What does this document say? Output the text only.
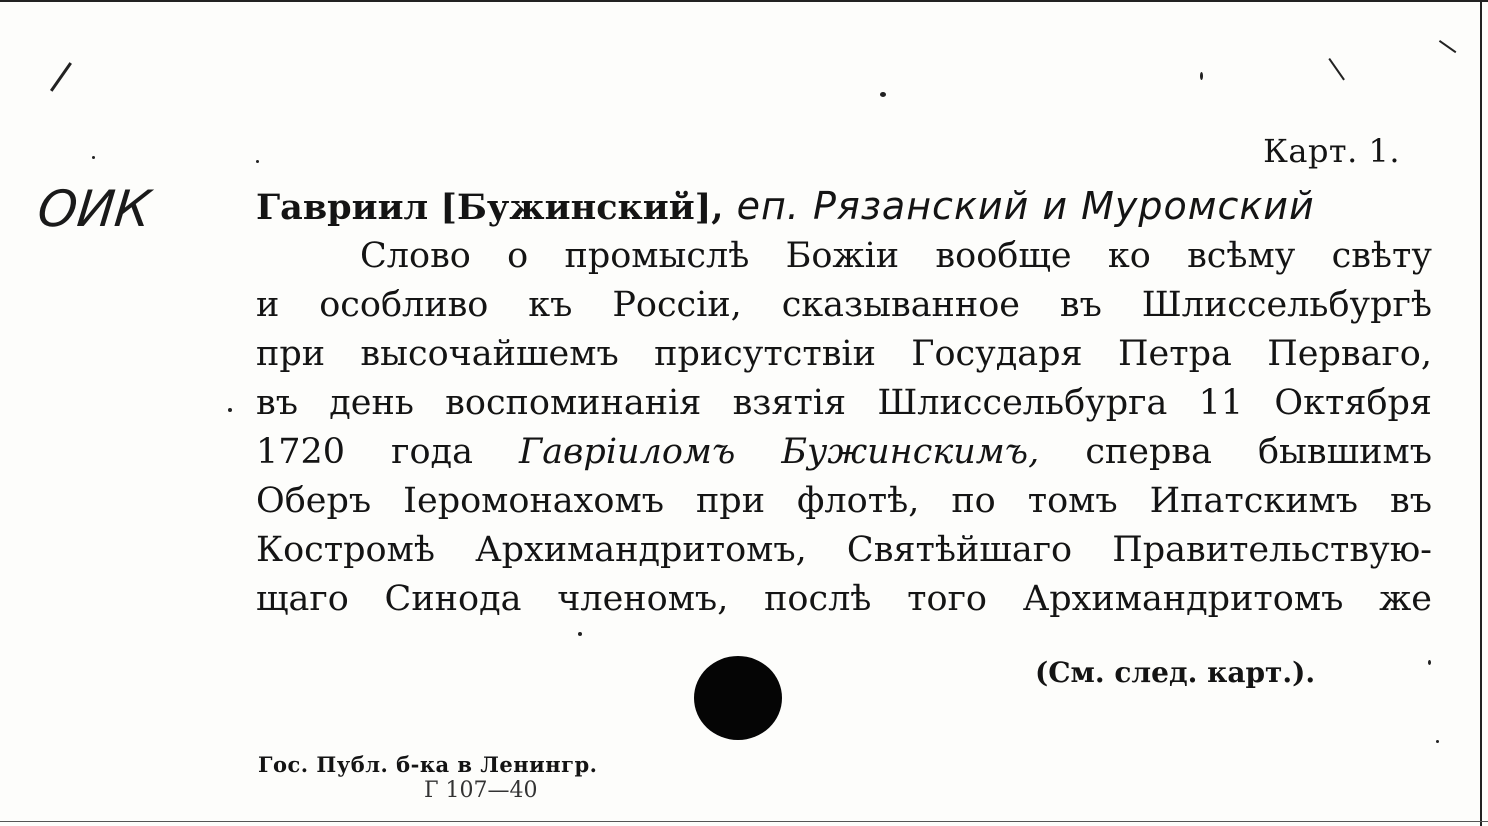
Карт. 1.
ОИК	Гавриил [Бужинский], еп. Рязанский и Муромский

Слово о промыслѣ Божiи вообще ко всѣму свѣту
и особливо къ Россiи, сказыванное въ Шлиссельбургѣ
при высочайшемъ присутствiи Государя Петра Перваго,
въ день воспоминанiя взятiя Шлиссельбурга 11 Октября
1720 года Гаврiиломъ Бужинскимъ, сперва бывшимъ
Оберъ Iеромонахомъ при флотѣ, по томъ Ипатскимъ въ
Костромѣ Архимандритомъ, Святѣйшаго Правительствую-
щаго Синода членомъ, послѣ того Архимандритомъ же

(См. след. карт.).
Гос. Публ. б-ка в Ленингр.
Г 107—40
